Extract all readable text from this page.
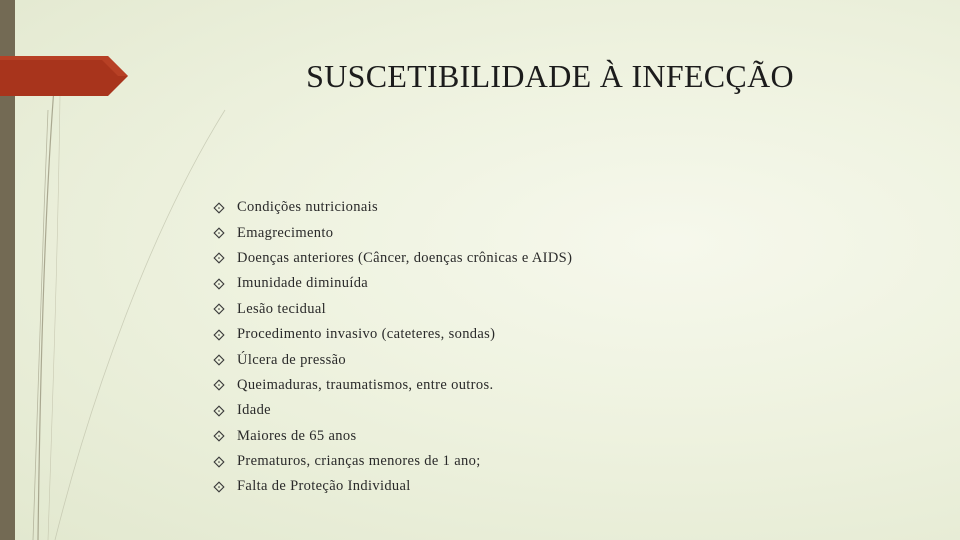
SUSCETIBILIDADE À INFECÇÃO
Condições nutricionais
Emagrecimento
Doenças anteriores (Câncer, doenças crônicas e AIDS)
Imunidade diminuída
Lesão tecidual
Procedimento invasivo (cateteres, sondas)
Úlcera de pressão
Queimaduras, traumatismos, entre outros.
Idade
Maiores de 65 anos
Prematuros, crianças menores de 1 ano;
Falta de Proteção Individual
